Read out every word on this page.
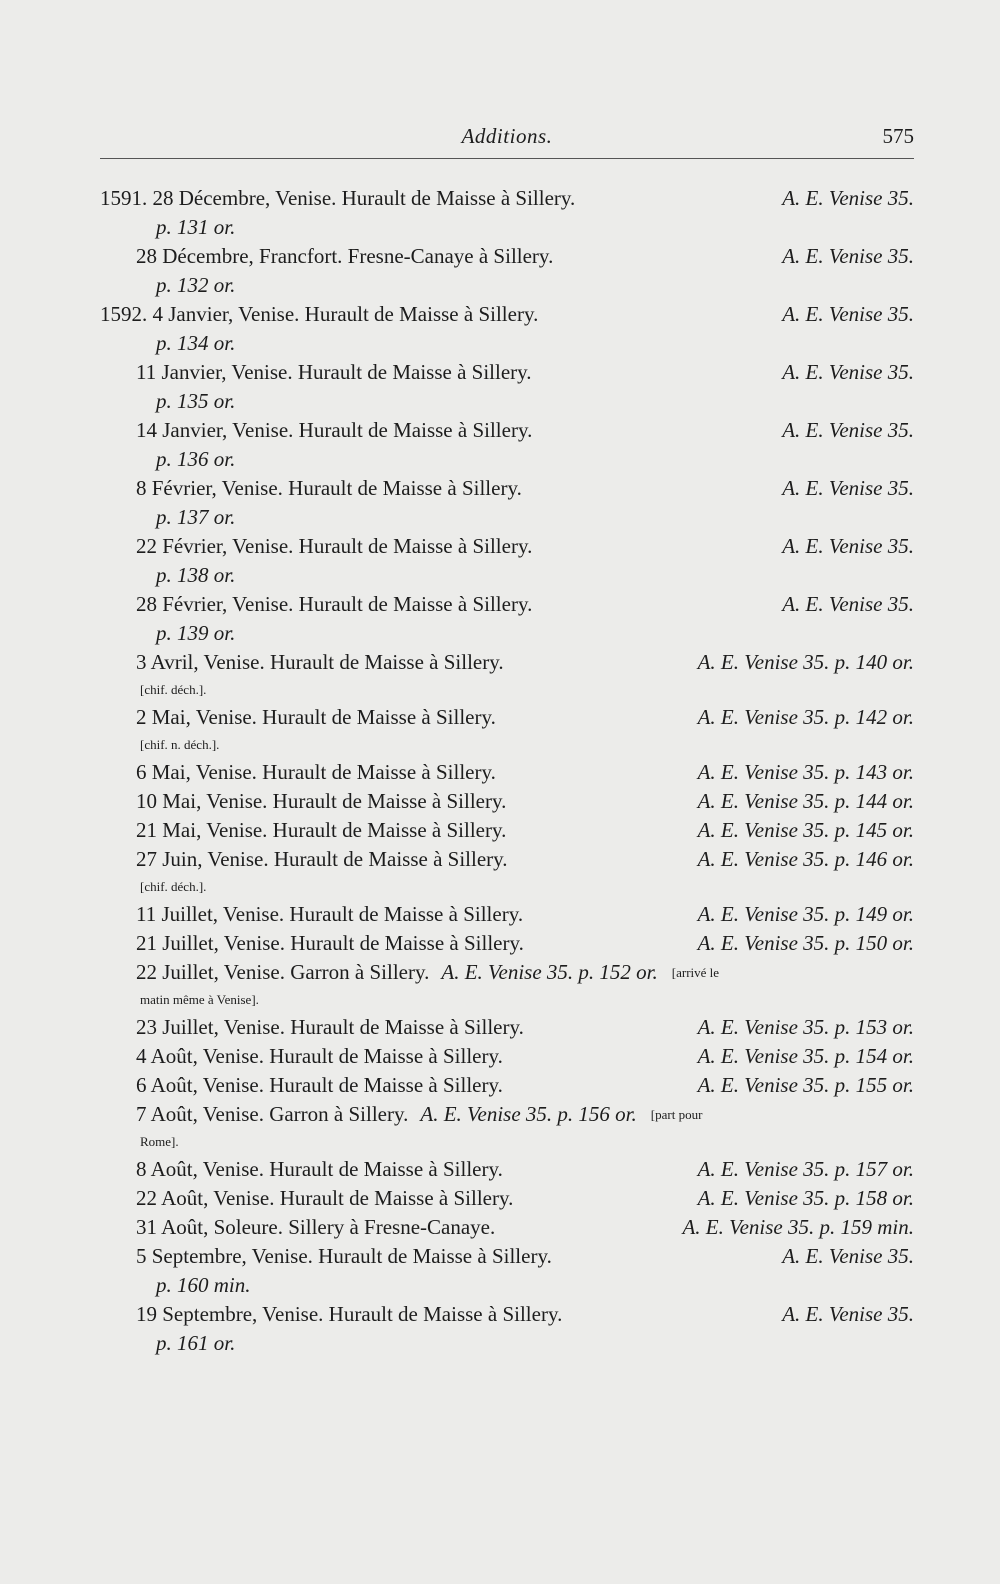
Additions.	575
1591. 28 Décembre, Venise. Hurault de Maisse à Sillery.	A. E. Venise 35.
p. 131 or.
28 Décembre, Francfort. Fresne-Canaye à Sillery.	A. E. Venise 35.
p. 132 or.
1592. 4 Janvier, Venise. Hurault de Maisse à Sillery.	A. E. Venise 35.
p. 134 or.
11 Janvier, Venise. Hurault de Maisse à Sillery.	A. E. Venise 35.
p. 135 or.
14 Janvier, Venise. Hurault de Maisse à Sillery.	A. E. Venise 35.
p. 136 or.
8 Février, Venise. Hurault de Maisse à Sillery.	A. E. Venise 35.
p. 137 or.
22 Février, Venise. Hurault de Maisse à Sillery.	A. E. Venise 35.
p. 138 or.
28 Février, Venise. Hurault de Maisse à Sillery.	A. E. Venise 35.
p. 139 or.
3 Avril, Venise. Hurault de Maisse à Sillery.	A. E. Venise 35. p. 140 or.
[chif. déch.].
2 Mai, Venise. Hurault de Maisse à Sillery.	A. E. Venise 35. p. 142 or.
[chif. n. déch.].
6 Mai, Venise. Hurault de Maisse à Sillery.	A. E. Venise 35. p. 143 or.
10 Mai, Venise. Hurault de Maisse à Sillery.	A. E. Venise 35. p. 144 or.
21 Mai, Venise. Hurault de Maisse à Sillery.	A. E. Venise 35. p. 145 or.
27 Juin, Venise. Hurault de Maisse à Sillery.	A. E. Venise 35. p. 146 or.
[chif. déch.].
11 Juillet, Venise. Hurault de Maisse à Sillery.	A. E. Venise 35. p. 149 or.
21 Juillet, Venise. Hurault de Maisse à Sillery.	A. E. Venise 35. p. 150 or.
22 Juillet, Venise. Garron à Sillery. A. E. Venise 35. p. 152 or. [arrivé le
matin même à Venise].
23 Juillet, Venise. Hurault de Maisse à Sillery.	A. E. Venise 35. p. 153 or.
4 Août, Venise. Hurault de Maisse à Sillery.	A. E. Venise 35. p. 154 or.
6 Août, Venise. Hurault de Maisse à Sillery.	A. E. Venise 35. p. 155 or.
7 Août, Venise. Garron à Sillery. A. E. Venise 35. p. 156 or. [part pour
Rome].
8 Août, Venise. Hurault de Maisse à Sillery.	A. E. Venise 35. p. 157 or.
22 Août, Venise. Hurault de Maisse à Sillery.	A. E. Venise 35. p. 158 or.
31 Août, Soleure. Sillery à Fresne-Canaye.	A. E. Venise 35. p. 159 min.
5 Septembre, Venise. Hurault de Maisse à Sillery.	A. E. Venise 35.
p. 160 min.
19 Septembre, Venise. Hurault de Maisse à Sillery.	A. E. Venise 35.
p. 161 or.
